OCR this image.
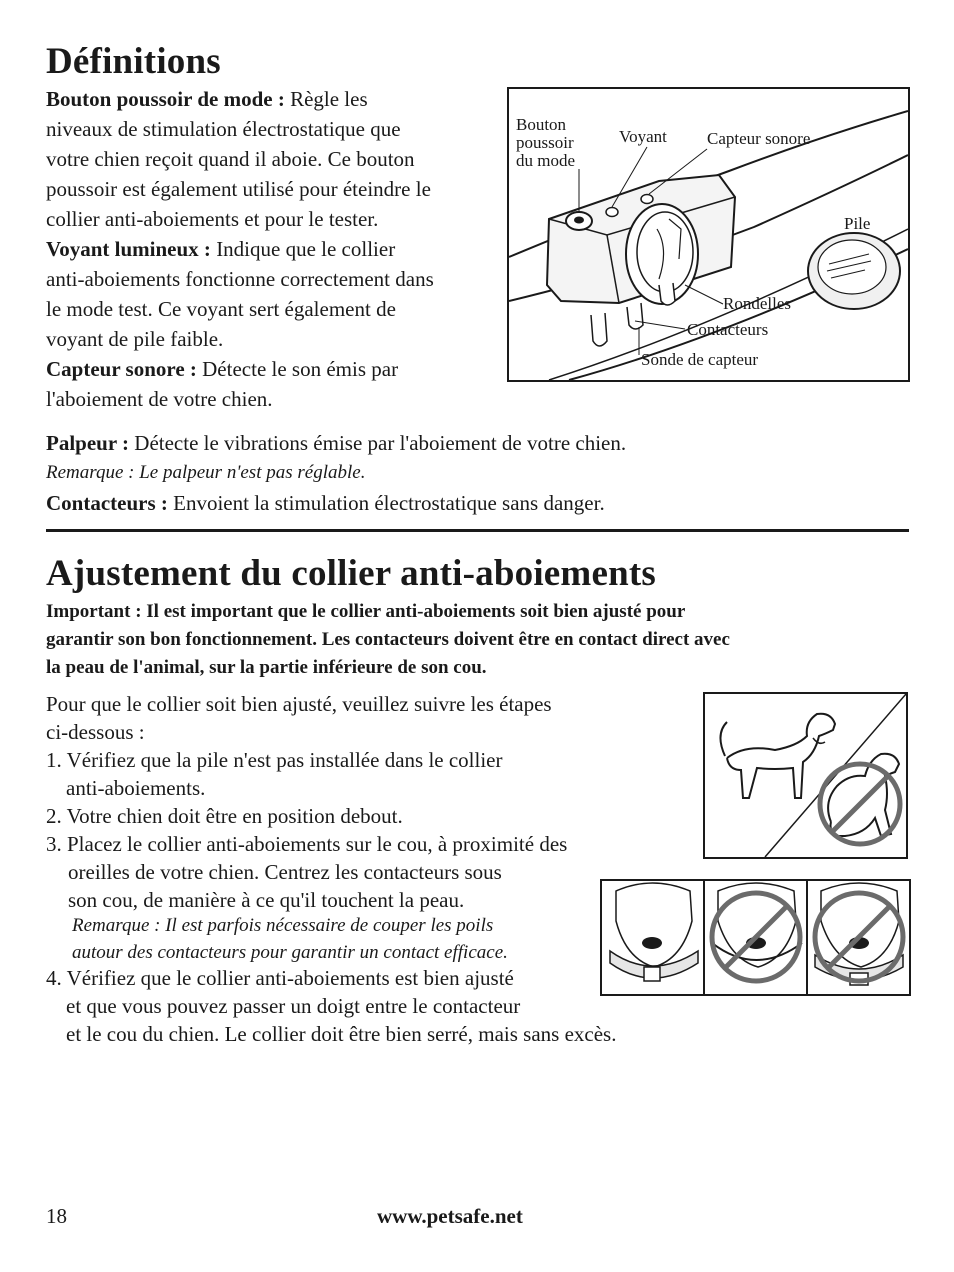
Définitions
Bouton poussoir de mode : Règle les
niveaux de stimulation électrostatique que
votre chien reçoit quand il aboie. Ce bouton
poussoir est également utilisé pour éteindre le
collier anti-aboiements et pour le tester.
Voyant lumineux : Indique que le collier
anti-aboiements fonctionne correctement dans
le mode test. Ce voyant sert également de
voyant de pile faible.
Capteur sonore : Détecte le son émis par
l'aboiement de votre chien.
Bouton
poussoir
du mode
Voyant Capteur sonore
Pile
Rondelles
Contacteurs
Sonde de capteur
Palpeur : Détecte le vibrations émise par l'aboiement de votre chien.
Remarque : Le palpeur n'est pas réglable.
Contacteurs : Envoient la stimulation électrostatique sans danger.
Ajustement du collier anti-aboiements
Important : Il est important que le collier anti-aboiements soit bien ajusté pour
garantir son bon fonctionnement. Les contacteurs doivent être en contact direct avec
la peau de l'animal, sur la partie inférieure de son cou.
Pour que le collier soit bien ajusté, veuillez suivre les étapes
ci-dessous :
1. Vérifiez que la pile n'est pas installée dans le collier
anti-aboiements.
2. Votre chien doit être en position debout.
3. Placez le collier anti-aboiements sur le cou, à proximité des
oreilles de votre chien. Centrez les contacteurs sous
son cou, de manière à ce qu'il touchent la peau.
Remarque : Il est parfois nécessaire de couper les poils
autour des contacteurs pour garantir un contact efficace.
4. Vérifiez que le collier anti-aboiements est bien ajusté
et que vous pouvez passer un doigt entre le contacteur
et le cou du chien. Le collier doit être bien serré, mais sans excès.
18	www.petsafe.net
